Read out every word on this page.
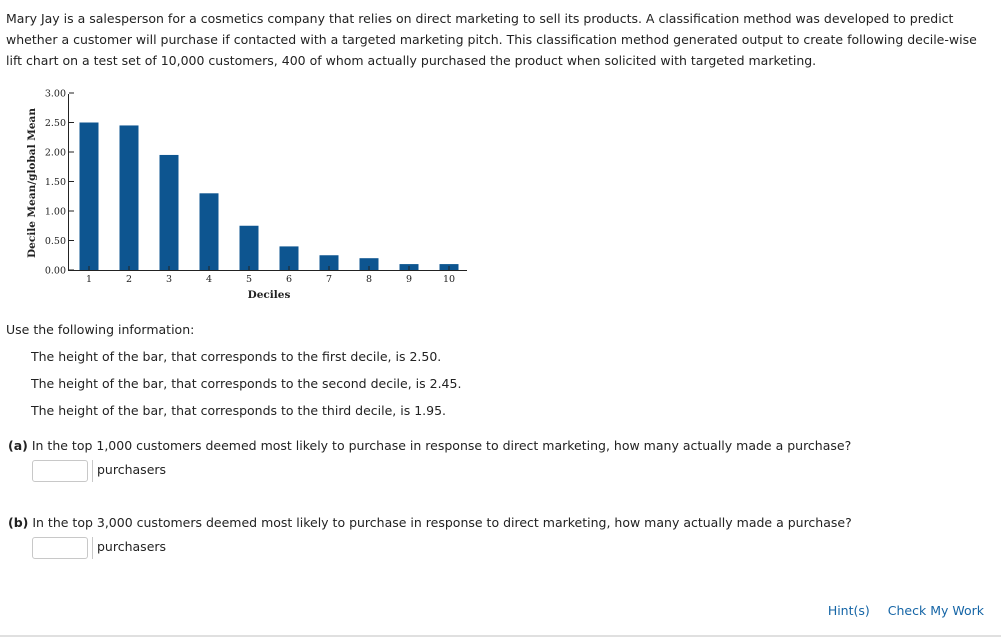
Mary Jay is a salesperson for a cosmetics company that relies on direct marketing to sell its products. A classification method was developed to predict whether a customer will purchase if contacted with a targeted marketing pitch. This classification method generated output to create following decile-wise lift chart on a test set of 10,000 customers, 400 of whom actually purchased the product when solicited with targeted marketing.

Decile Mean/global Mean
Deciles
0.00
0.50
1.00
1.50
2.00
2.50
3.00
1	2	3	4	5	6	7	8	9	10

Use the following information:

The height of the bar, that corresponds to the first decile, is 2.50.

The height of the bar, that corresponds to the second decile, is 2.45.

The height of the bar, that corresponds to the third decile, is 1.95.

(a) In the top 1,000 customers deemed most likely to purchase in response to direct marketing, how many actually made a purchase?

purchasers

(b) In the top 3,000 customers deemed most likely to purchase in response to direct marketing, how many actually made a purchase?

purchasers
Hint(s) Check My Work
